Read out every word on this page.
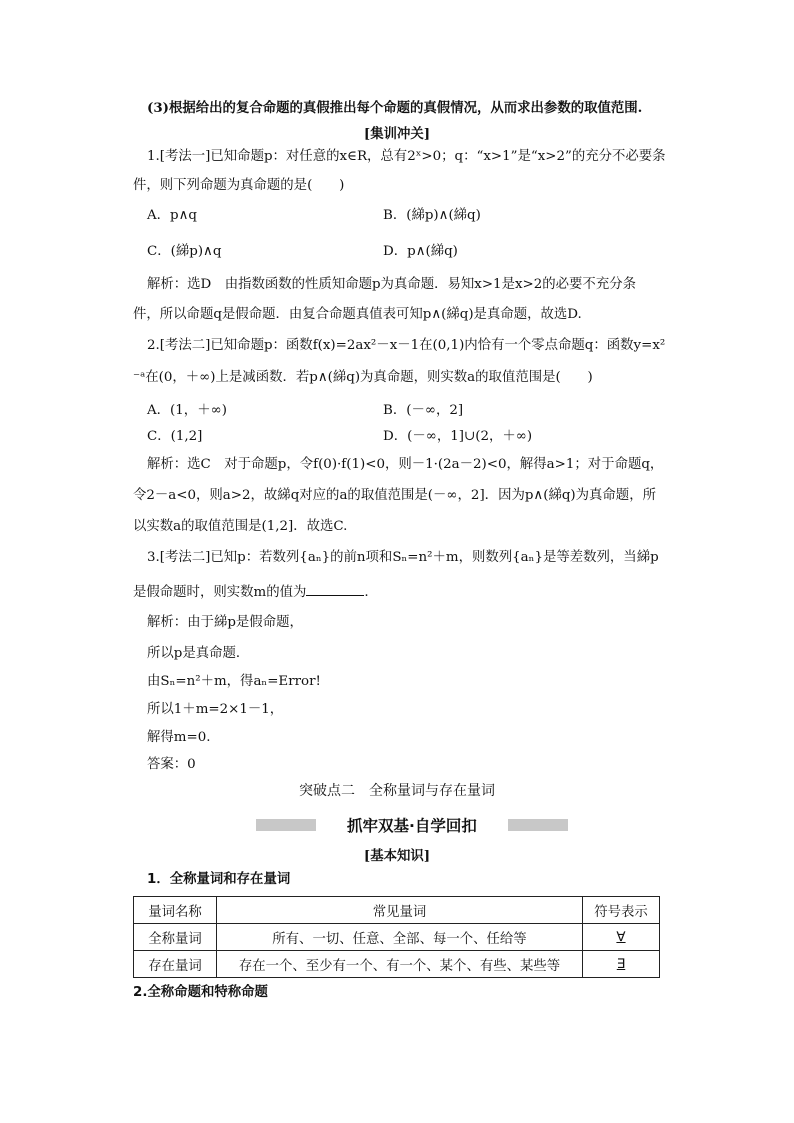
(3)根据给出的复合命题的真假推出每个命题的真假情况，从而求出参数的取值范围.
[集训冲关]
1.[考法一]已知命题p：对任意的x∈R，总有2ˣ>0；q：“x>1”是“x>2”的充分不必要条
件，则下列命题为真命题的是(　　)
A．p∧q	B．(綈p)∧(綈q)
C．(綈p)∧q	D．p∧(綈q)
解析：选D　由指数函数的性质知命题p为真命题．易知x>1是x>2的必要不充分条
件，所以命题q是假命题．由复合命题真值表可知p∧(綈q)是真命题，故选D.
2.[考法二]已知命题p：函数f(x)=2ax²－x－1在(0,1)内恰有一个零点命题q：函数y=x²
⁻ᵃ在(0，＋∞)上是减函数．若p∧(綈q)为真命题，则实数a的取值范围是(　　)
A．(1，＋∞)	B．(－∞，2]
C．(1,2]	D．(－∞，1]∪(2，＋∞)
解析：选C　对于命题p，令f(0)·f(1)<0，则－1·(2a－2)<0，解得a>1；对于命题q，
令2－a<0，则a>2，故綈q对应的a的取值范围是(－∞，2]．因为p∧(綈q)为真命题，所
以实数a的取值范围是(1,2]．故选C.
3.[考法二]已知p：若数列{aₙ}的前n项和Sₙ=n²＋m，则数列{aₙ}是等差数列，当綈p
是假命题时，则实数m的值为	.
解析：由于綈p是假命题，
所以p是真命题．
由Sₙ=n²＋m，得aₙ=Error!
所以1＋m=2×1－1，
解得m=0.
答案：0
突破点二　全称量词与存在量词
抓牢双基·自学回扣
[基本知识]
1．全称量词和存在量词
量词名称	常见量词	符号表示
全称量词	所有、一切、任意、全部、每一个、任给等	∀
存在量词	存在一个、至少有一个、有一个、某个、有些、某些等	∃
2.全称命题和特称命题
